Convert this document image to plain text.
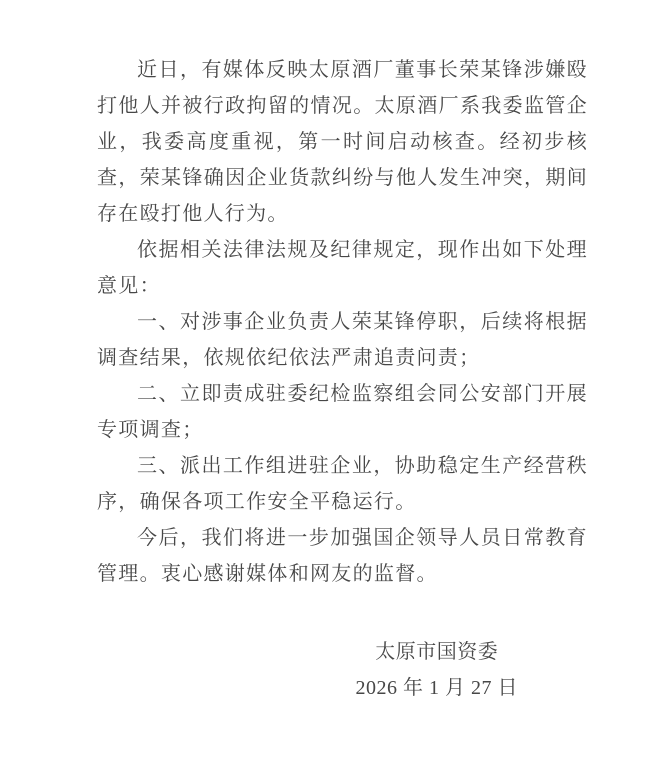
近日，有媒体反映太原酒厂董事长荣某锋涉嫌殴打他人并被行政拘留的情况。太原酒厂系我委监管企业，我委高度重视，第一时间启动核查。经初步核查，荣某锋确因企业货款纠纷与他人发生冲突，期间存在殴打他人行为。

依据相关法律法规及纪律规定，现作出如下处理意见：

一、对涉事企业负责人荣某锋停职，后续将根据调查结果，依规依纪依法严肃追责问责；

二、立即责成驻委纪检监察组会同公安部门开展专项调查；

三、派出工作组进驻企业，协助稳定生产经营秩序，确保各项工作安全平稳运行。

今后，我们将进一步加强国企领导人员日常教育管理。衷心感谢媒体和网友的监督。

太原市国资委
2026 年 1 月 27 日
